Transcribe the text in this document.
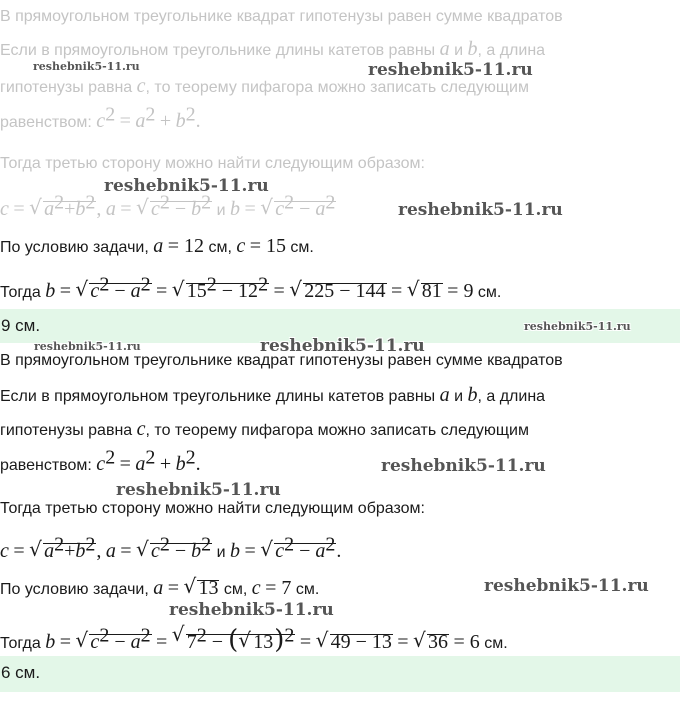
В прямоугольном треугольнике квадрат гипотенузы равен сумме квадратов
Если в прямоугольном треугольнике длины катетов равны a и b, а длина
гипотенузы равна c, то теорему пифагора можно записать следующим
равенством: $c^2 = a^2 + b^2$.
Тогда третью сторону можно найти следующим образом:
c = √ $a^2+b^2$, a = √ $c^2 - b^2$ и b = √ $c^2 - a^2$
По условию задачи, a = 12 см, c = 15 см.
Тогда b = √ $c^2 - a^2$ = √ $15^2 - 12^2$ = √ 225 − 144 = √ 81 = 9 см.
9 см.
В прямоугольном треугольнике квадрат гипотенузы равен сумме квадратов
Если в прямоугольном треугольнике длины катетов равны a и b, а длина
гипотенузы равна c, то теорему пифагора можно записать следующим
равенством: $c^2 = a^2 + b^2$.
Тогда третью сторону можно найти следующим образом:
c = √ $a^2+b^2$, a = √ $c^2 - b^2$ и b = √ $c^2 - a^2$.
По условию задачи, a = √ 13 см, c = 7 см.
Тогда b = √ $c^2 - a^2$ = √ $7^2$ − ( √ 13)$^2$ = √ 49 − 13 = √ 36 = 6 см.
6 см.
reshebnik5-11.ru	reshebnik5-11.ru
reshebnik5-11.ru
reshebnik5-11.ru
reshebnik5-11.ru
reshebnik5-11.ru	reshebnik5-11.ru
reshebnik5-11.ru
reshebnik5-11.ru
reshebnik5-11.ru
reshebnik5-11.ru
